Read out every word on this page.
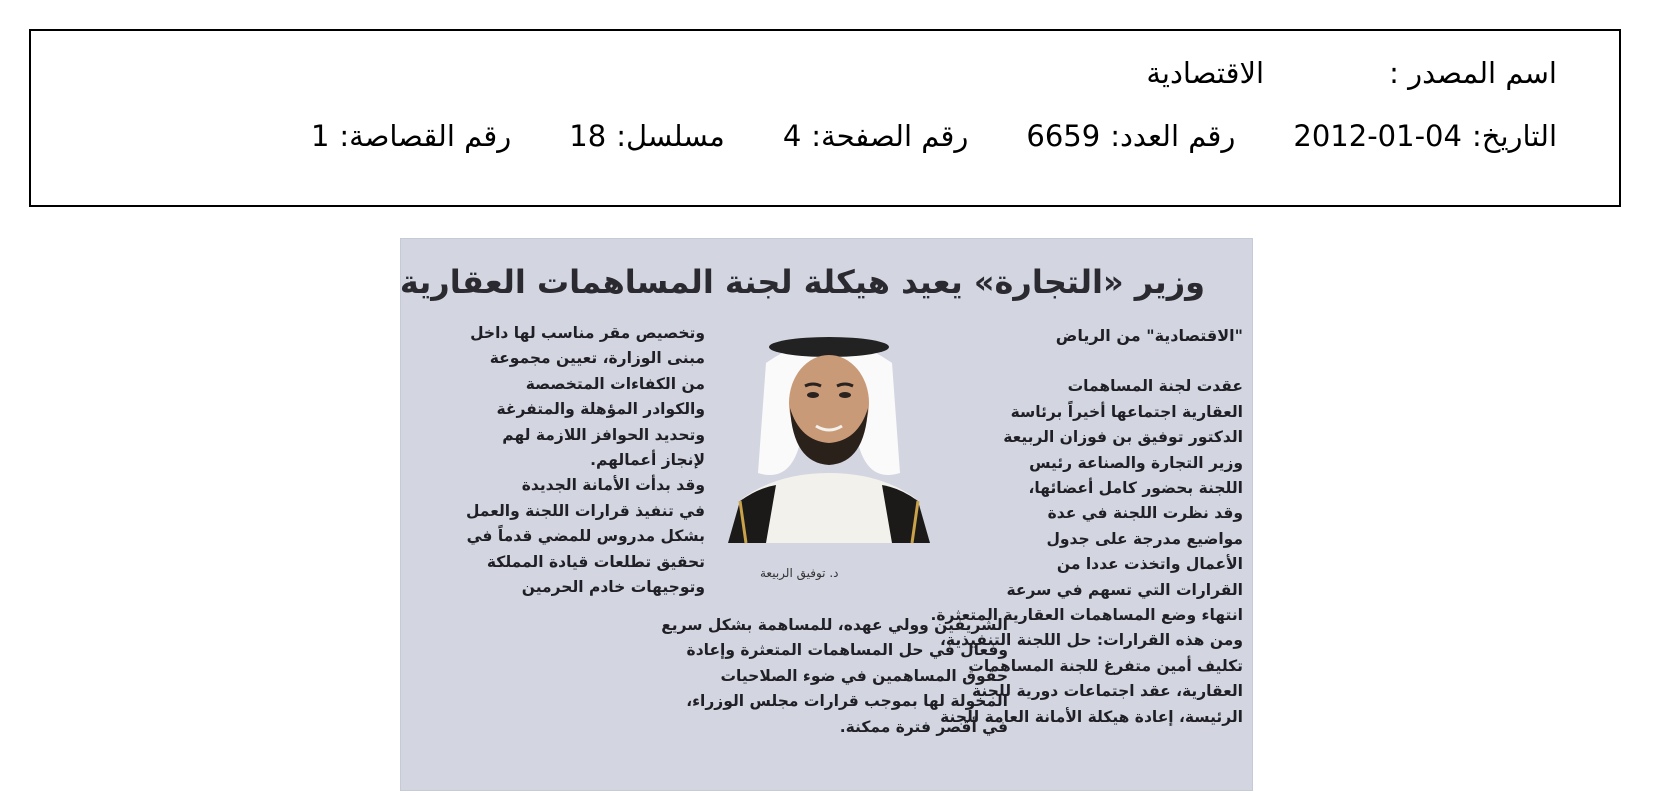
اسم المصدر :
الاقتصادية
التاريخ:
2012-01-04
رقم العدد:
6659
رقم الصفحة:
4
مسلسل:
18
رقم القصاصة:
1
وزير «التجارة» يعيد هيكلة لجنة المساهمات العقارية
"الاقتصادية" من الرياض
عقدت لجنة المساهمات
العقارية اجتماعها أخيراً برئاسة
الدكتور توفيق بن فوزان الربيعة
وزير التجارة والصناعة رئيس
اللجنة بحضور كامل أعضائها،
وقد نظرت اللجنة في عدة
مواضيع مدرجة على جدول
الأعمال واتخذت عددا من
القرارات التي تسهم في سرعة
انتهاء وضع المساهمات العقارية المتعثرة.
ومن هذه القرارات: حل اللجنة التنفيذية،
تكليف أمين متفرغ للجنة المساهمات
العقارية، عقد اجتماعات دورية للجنة
الرئيسة، إعادة هيكلة الأمانة العامة للجنة
وتخصيص مقر مناسب لها داخل
مبنى الوزارة، تعيين مجموعة
من الكفاءات المتخصصة
والكوادر المؤهلة والمتفرغة
وتحديد الحوافز اللازمة لهم
لإنجاز أعمالهم.
وقد بدأت الأمانة الجديدة
في تنفيذ قرارات اللجنة والعمل
بشكل مدروس للمضي قدماً في
تحقيق تطلعات قيادة المملكة
وتوجيهات خادم الحرمين
الشريفين وولي عهده، للمساهمة بشكل سريع
وفعال في حل المساهمات المتعثرة وإعادة
حقوق المساهمين في ضوء الصلاحيات
المخولة لها بموجب قرارات مجلس الوزراء،
في أقصر فترة ممكنة.
د. توفيق الربيعة
